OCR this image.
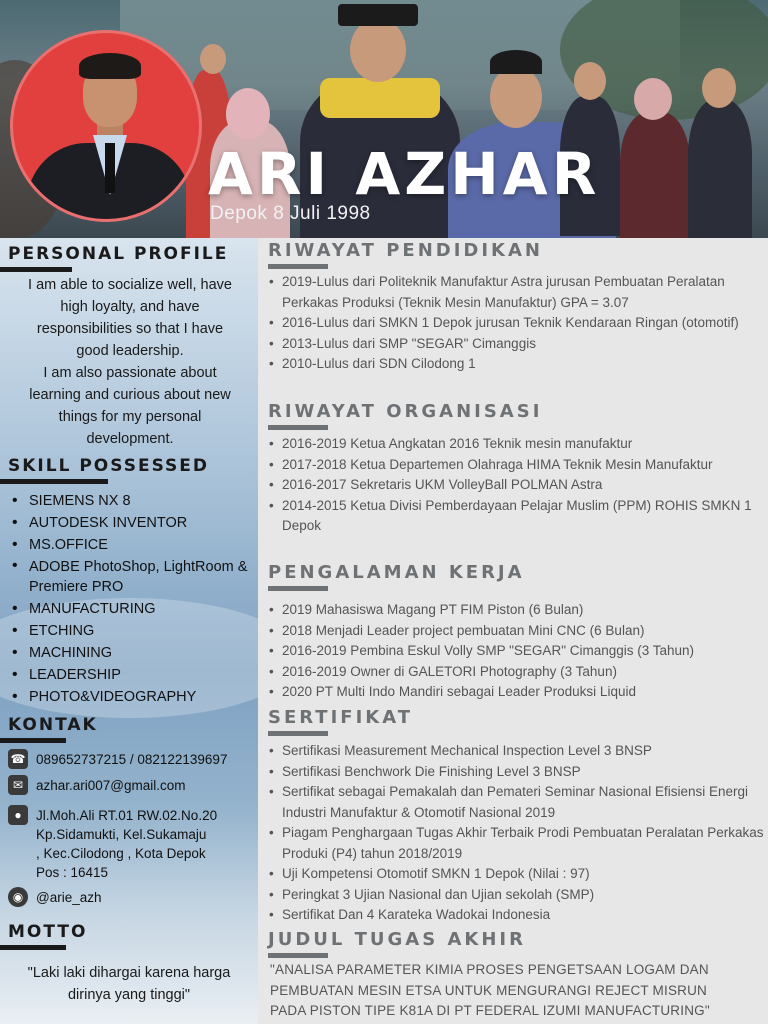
ARI AZHAR
Depok 8 Juli 1998
PERSONAL PROFILE
I am able to socialize well, have
high loyalty, and have
responsibilities so that I have
good leadership.
I am also passionate about
learning and curious about new
things for my personal
development.
SKILL POSSESSED
• SIEMENS NX 8
• AUTODESK INVENTOR
• MS.OFFICE
• ADOBE PhotoShop, LightRoom & Premiere PRO
• MANUFACTURING
• ETCHING
• MACHINING
• LEADERSHIP
• PHOTO&VIDEOGRAPHY
KONTAK
☎ 089652737215 / 082122139697
✉ azhar.ari007@gmail.com
●	Jl.Moh.Ali RT.01 RW.02.No.20
Kp.Sidamukti, Kel.Sukamaju
, Kec.Cilodong , Kota Depok
Pos : 16415
◉ @arie_azh
MOTTO
"Laki laki dihargai karena harga
dirinya yang tinggi"
RIWAYAT PENDIDIKAN
• 2019-Lulus dari Politeknik Manufaktur Astra jurusan Pembuatan Peralatan Perkakas Produksi (Teknik Mesin Manufaktur) GPA = 3.07
• 2016-Lulus dari SMKN 1 Depok jurusan Teknik Kendaraan Ringan (otomotif)
• 2013-Lulus dari SMP "SEGAR" Cimanggis
• 2010-Lulus dari SDN Cilodong 1
RIWAYAT ORGANISASI
• 2016-2019 Ketua Angkatan 2016 Teknik mesin manufaktur
• 2017-2018 Ketua Departemen Olahraga HIMA Teknik Mesin Manufaktur
• 2016-2017 Sekretaris UKM VolleyBall POLMAN Astra
• 2014-2015 Ketua Divisi Pemberdayaan Pelajar Muslim (PPM) ROHIS SMKN 1 Depok
PENGALAMAN KERJA
• 2019 Mahasiswa Magang PT FIM Piston (6 Bulan)
• 2018 Menjadi Leader project pembuatan Mini CNC (6 Bulan)
• 2016-2019 Pembina Eskul Volly SMP "SEGAR" Cimanggis (3 Tahun)
• 2016-2019 Owner di GALETORI Photography (3 Tahun)
• 2020 PT Multi Indo Mandiri sebagai Leader Produksi Liquid
SERTIFIKAT
• Sertifikasi Measurement Mechanical Inspection Level 3 BNSP
• Sertifikasi Benchwork Die Finishing Level 3 BNSP
• Sertifikat sebagai Pemakalah dan Pemateri Seminar Nasional Efisiensi Energi Industri Manufaktur & Otomotif Nasional 2019
• Piagam Penghargaan Tugas Akhir Terbaik Prodi Pembuatan Peralatan Perkakas Produki (P4) tahun 2018/2019
• Uji Kompetensi Otomotif SMKN 1 Depok (Nilai : 97)
• Peringkat 3 Ujian Nasional dan Ujian sekolah (SMP)
• Sertifikat Dan 4 Karateka Wadokai Indonesia
JUDUL TUGAS AKHIR
"ANALISA PARAMETER KIMIA PROSES PENGETSAAN LOGAM DAN
PEMBUATAN MESIN ETSA UNTUK MENGURANGI REJECT MISRUN
PADA PISTON TIPE K81A DI PT FEDERAL IZUMI MANUFACTURING"
